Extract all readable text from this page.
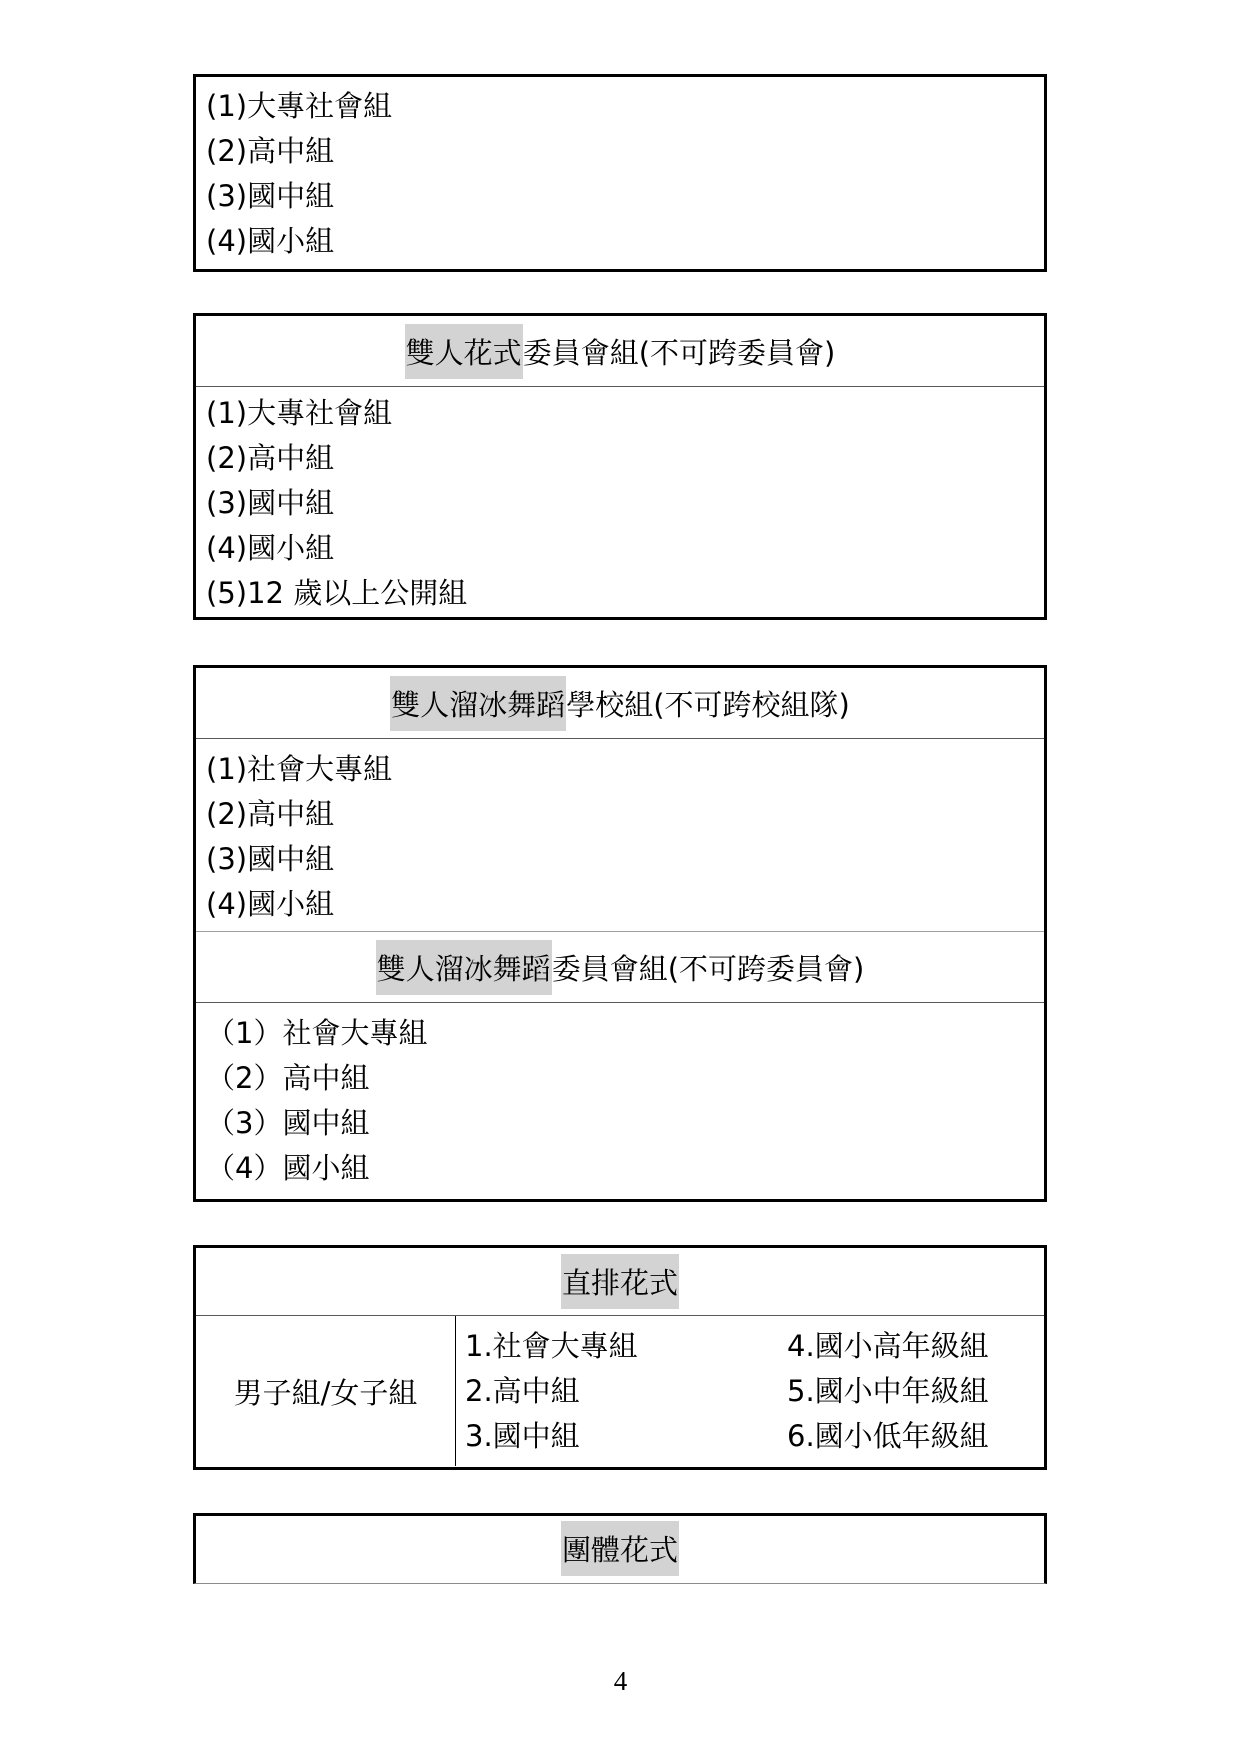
(1)大專社會組
(2)高中組
(3)國中組
(4)國小組
雙人花式 委員會組(不可跨委員會)
(1)大專社會組
(2)高中組
(3)國中組
(4)國小組
(5)12 歲以上公開組
雙人溜冰舞蹈 學校組(不可跨校組隊)
(1)社會大專組
(2)高中組
(3)國中組
(4)國小組
雙人溜冰舞蹈 委員會組(不可跨委員會)
（1）社會大專組
（2）高中組
（3）國中組
（4）國小組
直排花式
男子組/女子組
1.社會大專組
2.高中組
3.國中組
4.國小高年級組
5.國小中年級組
6.國小低年級組
團體花式
4
